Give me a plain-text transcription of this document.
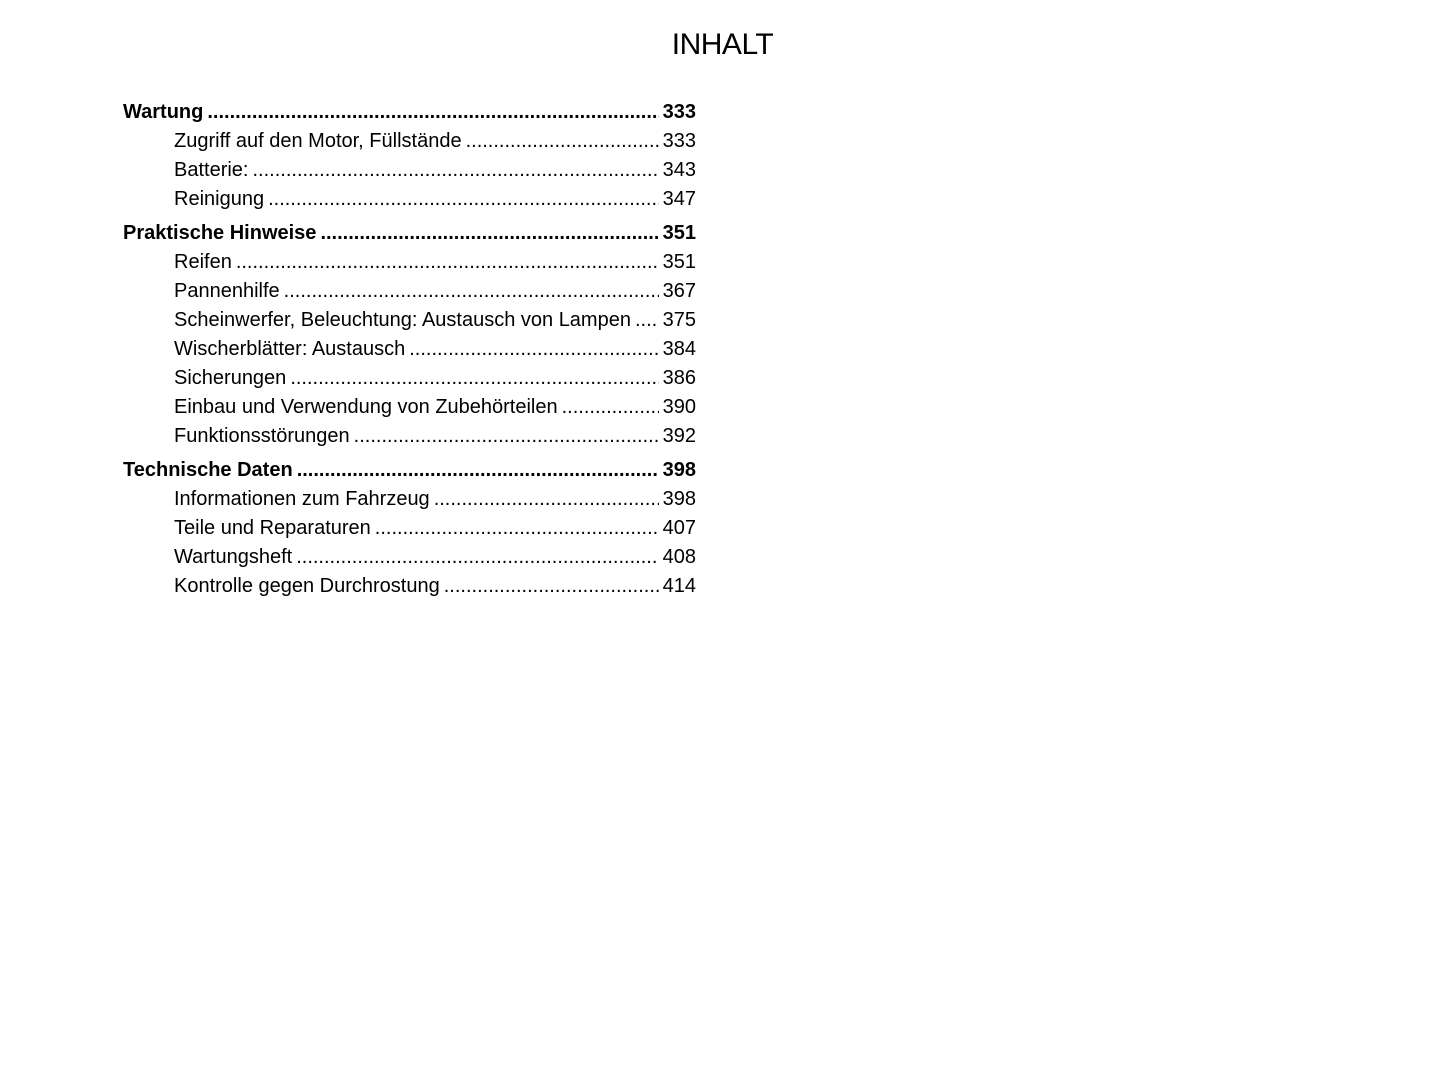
INHALT
Wartung .....	333
Zugriff auf den Motor, Füllstände .....	333
Batterie: .....	343
Reinigung .....	347
Praktische Hinweise .....	351
Reifen .....	351
Pannenhilfe .....	367
Scheinwerfer, Beleuchtung: Austausch von Lampen ..... 375
Wischerblätter: Austausch .....	384
Sicherungen .....	386
Einbau und Verwendung von Zubehörteilen .....	390
Funktionsstörungen .....	392
Technische Daten .....	398
Informationen zum Fahrzeug .....	398
Teile und Reparaturen .....	407
Wartungsheft .....	408
Kontrolle gegen Durchrostung .....	414
